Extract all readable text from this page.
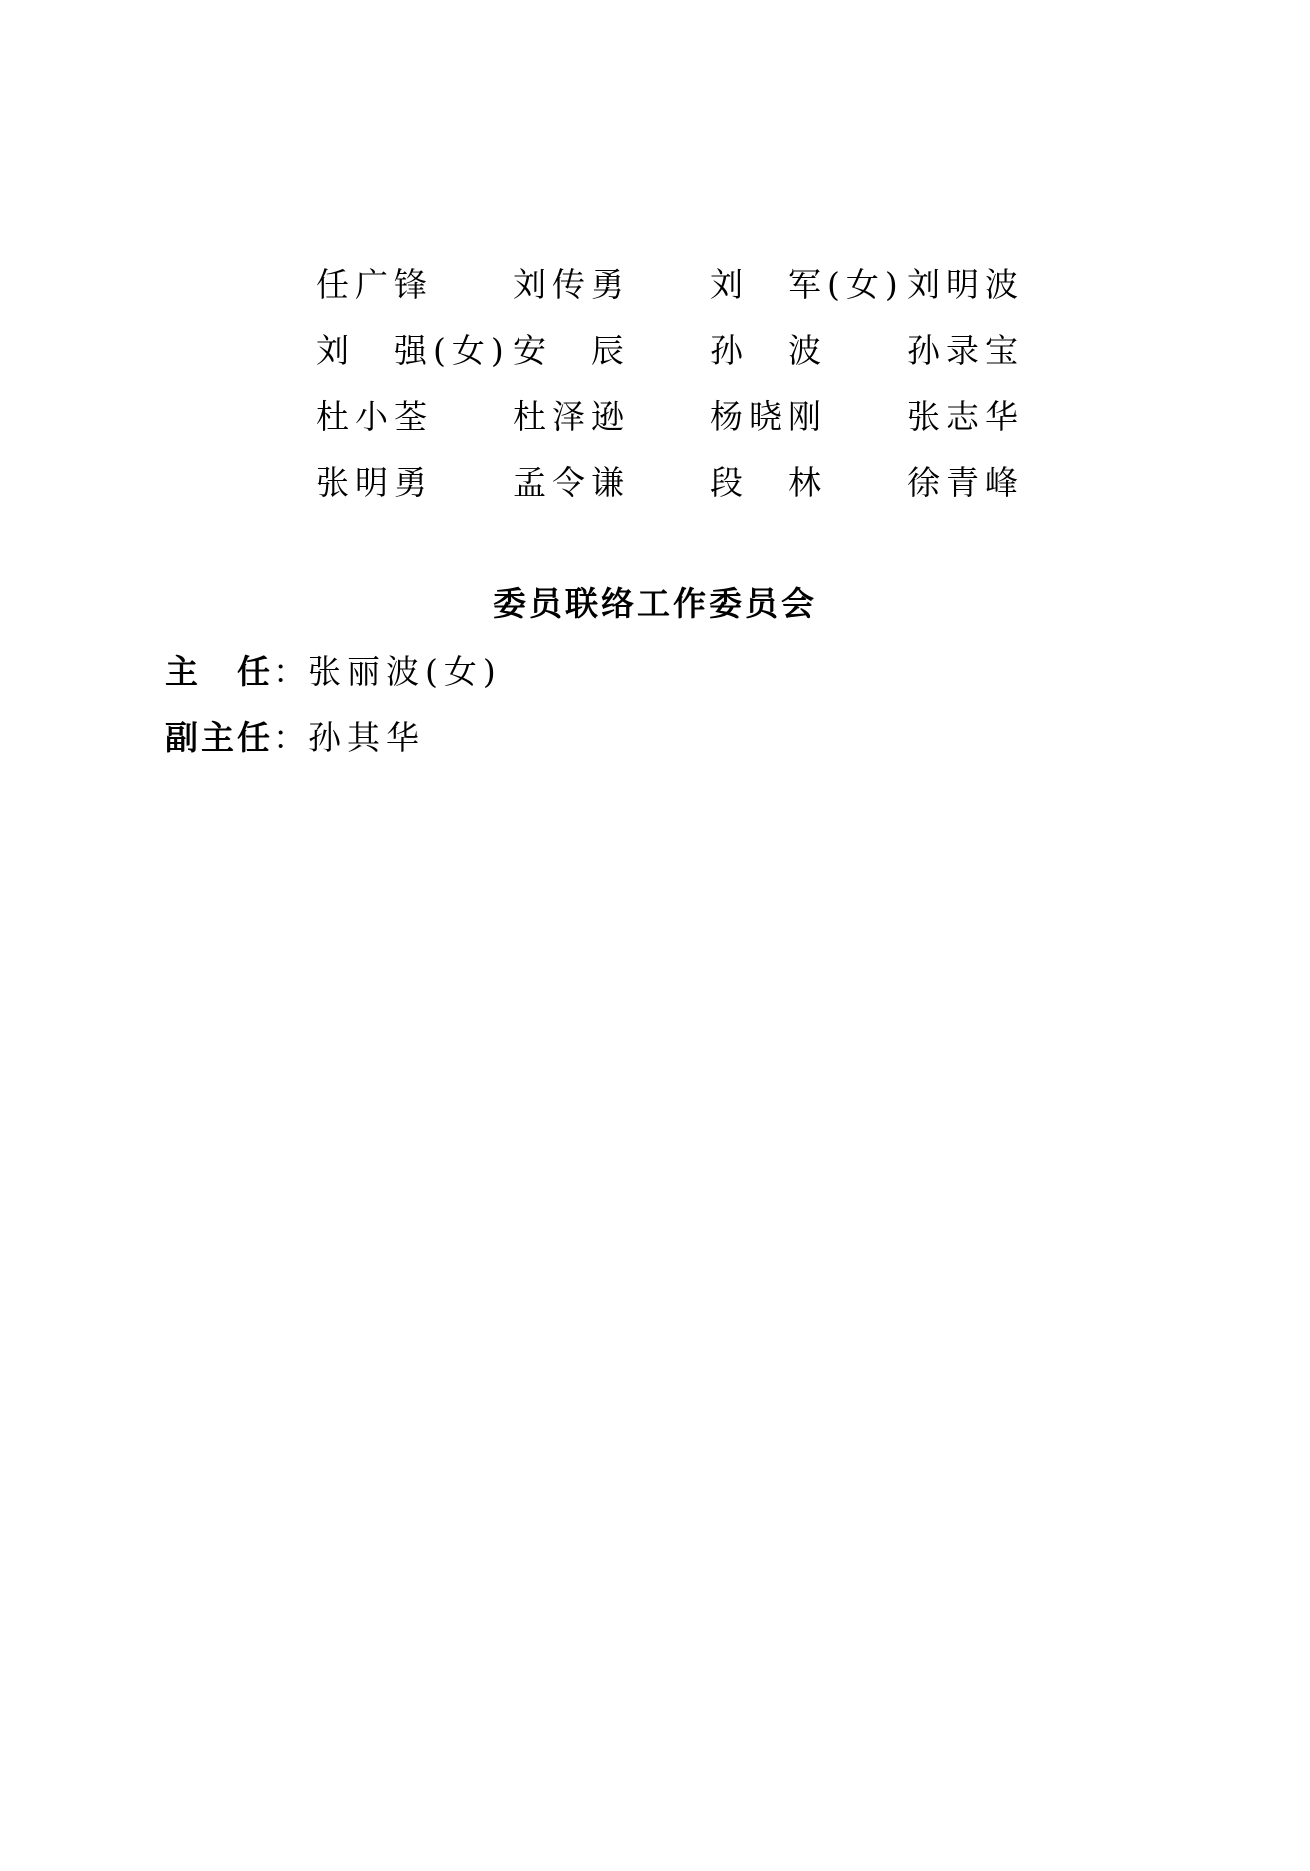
任广锋	刘传勇	刘　军(女) 刘明波
刘　强(女) 安　辰	孙　波	孙录宝
杜小荃	杜泽逊	杨晓刚	张志华
张明勇	孟令谦	段　林	徐青峰
委员联络工作委员会
主　任 ： 张丽波(女)
副主任 ： 孙其华
